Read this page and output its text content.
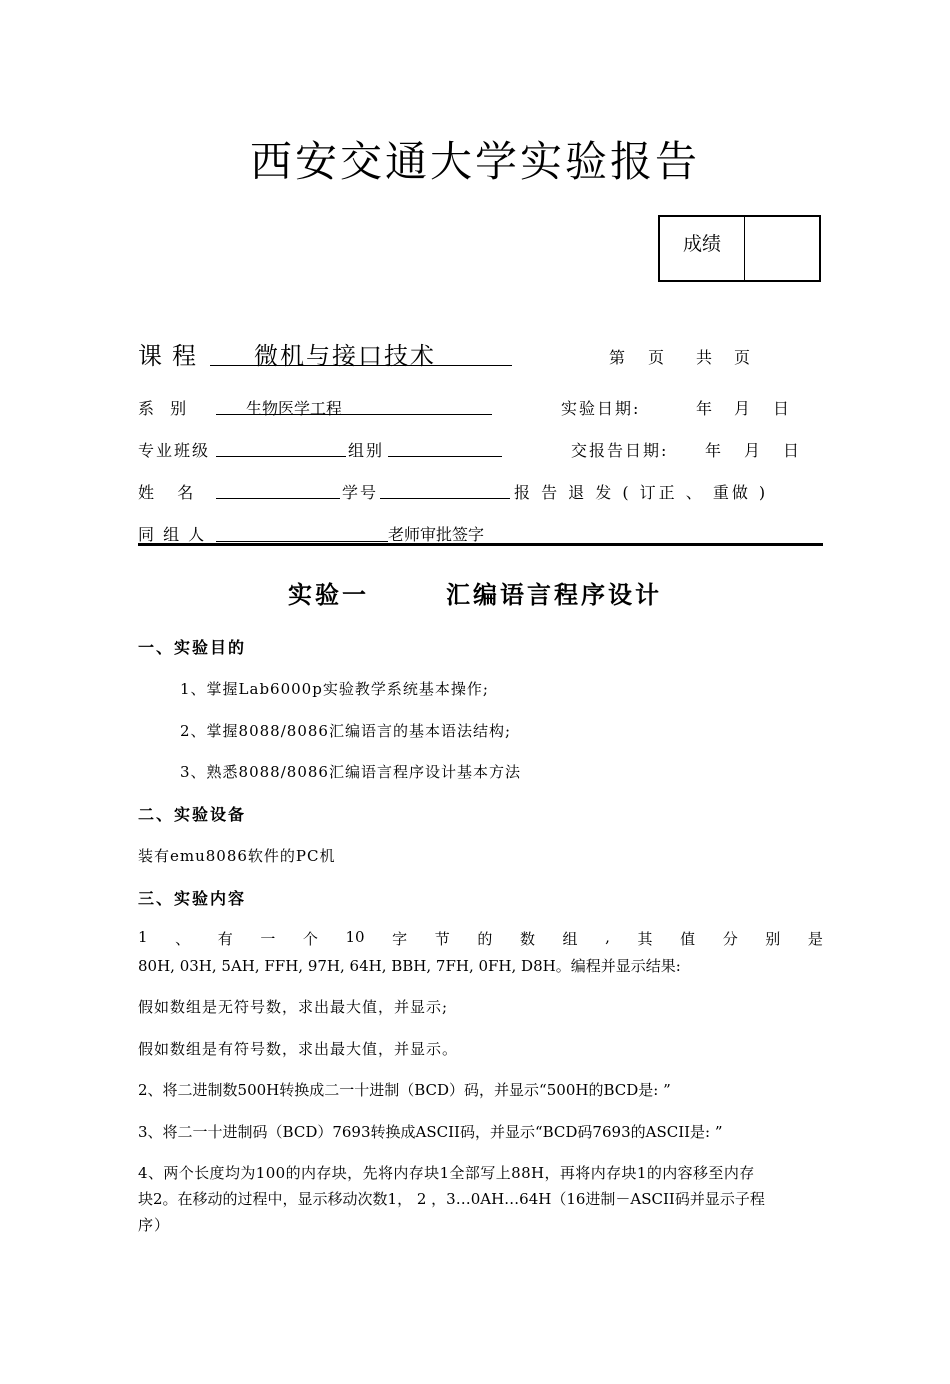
西安交通大学实验报告
成绩
课程 微机与接口技术	第 页 共 页
系  别	生物医学工程	实验日期:	年 月 日
专业班级	组别	交报告日期: 年 月 日
姓   名	学号	报 告 退 发 ( 订正 、 重做 )
同 组 人	老师审批签字
实验一	汇编语言程序设计
一、实验目的
1、掌握Lab6000p实验教学系统基本操作;
2、掌握8088/8086汇编语言的基本语法结构;
3、熟悉8088/8086汇编语言程序设计基本方法
二、实验设备
装有emu8086软件的PC机
三、实验内容
1 、 有 一 个 10 字 节 的 数 组 , 其 值 分 别 是
80H, 03H, 5AH, FFH, 97H, 64H, BBH, 7FH, 0FH, D8H。编程并显示结果:
假如数组是无符号数，求出最大值，并显示;
假如数组是有符号数，求出最大值，并显示。
2、将二进制数500H转换成二一十进制（BCD）码，并显示“500H的BCD是: ”
3、将二一十进制码（BCD）7693转换成ASCII码，并显示“BCD码7693的ASCII是: ”
4、两个长度均为100的内存块，先将内存块1全部写上88H，再将内存块1的内容移至内存
块2。在移动的过程中，显示移动次数1， 2 ，3…0AH…64H（16进制－ASCII码并显示子程
序）
